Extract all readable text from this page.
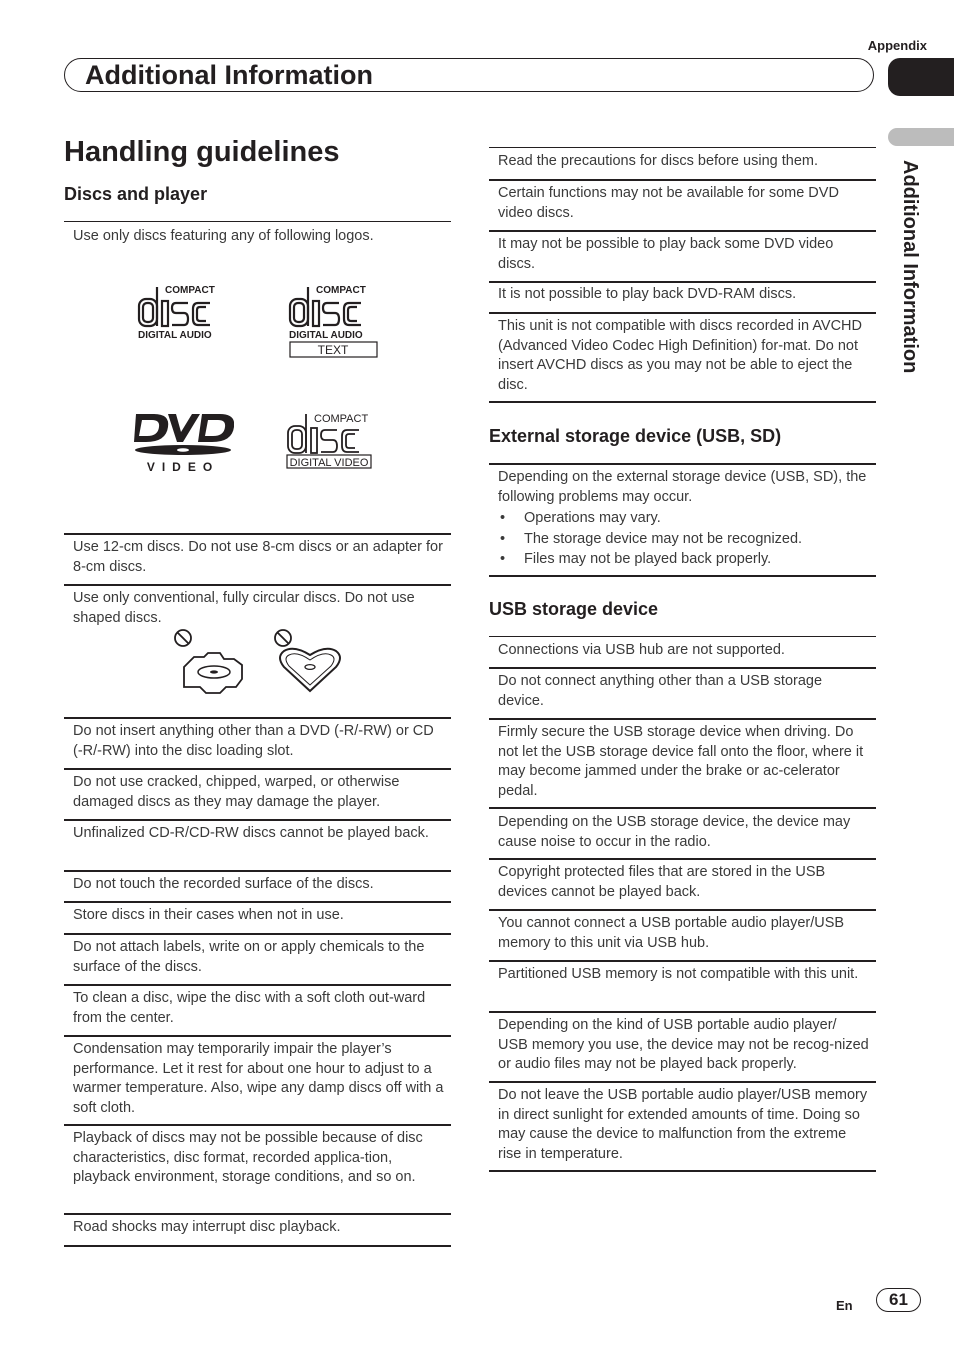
Appendix
Additional Information
Additional Information
Handling guidelines
Discs and player
Use only discs featuring any of following logos.
COMPACT
DIGITAL AUDIO
COMPACT
DIGITAL AUDIO
TEXT
VIDEO
COMPACT
DIGITAL VIDEO
Use 12-cm discs. Do not use 8-cm discs or an adapter for 8-cm discs.
Use only conventional, fully circular discs. Do not use shaped discs.
Do not insert anything other than a DVD (-R/-RW) or CD (-R/-RW) into the disc loading slot.
Do not use cracked, chipped, warped, or otherwise damaged discs as they may damage the player.
Unfinalized CD-R/CD-RW discs cannot be played back.
Do not touch the recorded surface of the discs.
Store discs in their cases when not in use.
Do not attach labels, write on or apply chemicals to the surface of the discs.
To clean a disc, wipe the disc with a soft cloth out-ward from the center.
Condensation may temporarily impair the player’s performance. Let it rest for about one hour to adjust to a warmer temperature. Also, wipe any damp discs off with a soft cloth.
Playback of discs may not be possible because of disc characteristics, disc format, recorded applica-tion, playback environment, storage conditions, and so on.
Road shocks may interrupt disc playback.
Read the precautions for discs before using them.
Certain functions may not be available for some DVD video discs.
It may not be possible to play back some DVD video discs.
It is not possible to play back DVD-RAM discs.
This unit is not compatible with discs recorded in AVCHD (Advanced Video Codec High Definition) for-mat. Do not insert AVCHD discs as you may not be able to eject the disc.
External storage device (USB, SD)
Depending on the external storage device (USB, SD), the following problems may occur.
• Operations may vary.
• The storage device may not be recognized.
• Files may not be played back properly.
USB storage device
Connections via USB hub are not supported.
Do not connect anything other than a USB storage device.
Firmly secure the USB storage device when driving. Do not let the USB storage device fall onto the floor, where it may become jammed under the brake or ac-celerator pedal.
Depending on the USB storage device, the device may cause noise to occur in the radio.
Copyright protected files that are stored in the USB devices cannot be played back.
You cannot connect a USB portable audio player/USB memory to this unit via USB hub.
Partitioned USB memory is not compatible with this unit.
Depending on the kind of USB portable audio player/ USB memory you use, the device may not be recog-nized or audio files may not be played back properly.
Do not leave the USB portable audio player/USB memory in direct sunlight for extended amounts of time. Doing so may cause the device to malfunction from the extreme rise in temperature.
En	61
